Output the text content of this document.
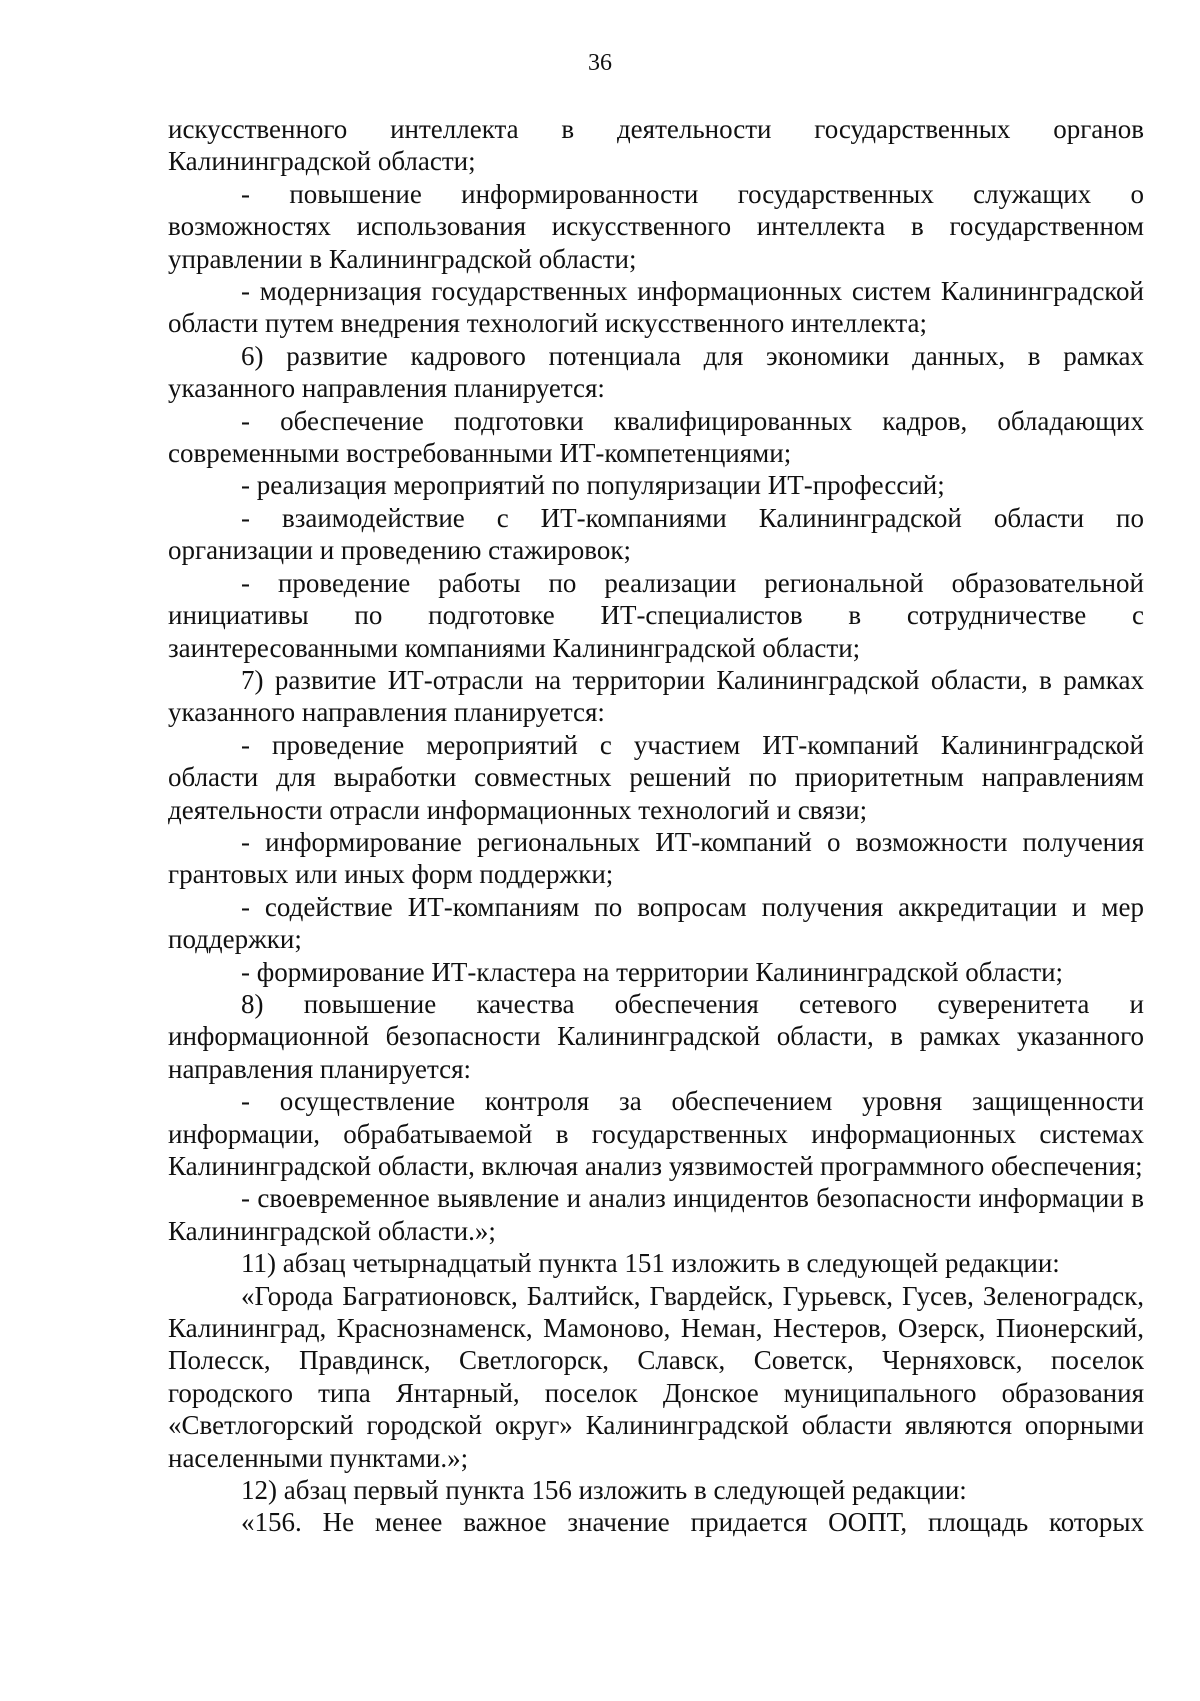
36

искусственного интеллекта в деятельности государственных органов Калининградской области;

- повышение информированности государственных служащих о возможностях использования искусственного интеллекта в государственном управлении в Калининградской области;

- модернизация государственных информационных систем Калининградской области путем внедрения технологий искусственного интеллекта;

6) развитие кадрового потенциала для экономики данных, в рамках указанного направления планируется:

- обеспечение подготовки квалифицированных кадров, обладающих современными востребованными ИТ-компетенциями;

- реализация мероприятий по популяризации ИТ-профессий;

- взаимодействие с ИТ-компаниями Калининградской области по организации и проведению стажировок;

- проведение работы по реализации региональной образовательной инициативы по подготовке ИТ-специалистов в сотрудничестве с заинтересованными компаниями Калининградской области;

7) развитие ИТ-отрасли на территории Калининградской области, в рамках указанного направления планируется:

- проведение мероприятий с участием ИТ-компаний Калининградской области для выработки совместных решений по приоритетным направлениям деятельности отрасли информационных технологий и связи;

- информирование региональных ИТ-компаний о возможности получения грантовых или иных форм поддержки;

- содействие ИТ-компаниям по вопросам получения аккредитации и мер поддержки;

- формирование ИТ-кластера на территории Калининградской области;

8) повышение качества обеспечения сетевого суверенитета и информационной безопасности Калининградской области, в рамках указанного направления планируется:

- осуществление контроля за обеспечением уровня защищенности информации, обрабатываемой в государственных информационных системах Калининградской области, включая анализ уязвимостей программного обеспечения;

- своевременное выявление и анализ инцидентов безопасности информации в Калининградской области.»;

11) абзац четырнадцатый пункта 151 изложить в следующей редакции:

«Города Багратионовск, Балтийск, Гвардейск, Гурьевск, Гусев, Зеленоградск, Калининград, Краснознаменск, Мамоново, Неман, Нестеров, Озерск, Пионерский, Полесск, Правдинск, Светлогорск, Славск, Советск, Черняховск, поселок городского типа Янтарный, поселок Донское муниципального образования «Светлогорский городской округ» Калининградской области являются опорными населенными пунктами.»;

12) абзац первый пункта 156 изложить в следующей редакции:

«156. Не менее важное значение придается ООПТ, площадь которых
